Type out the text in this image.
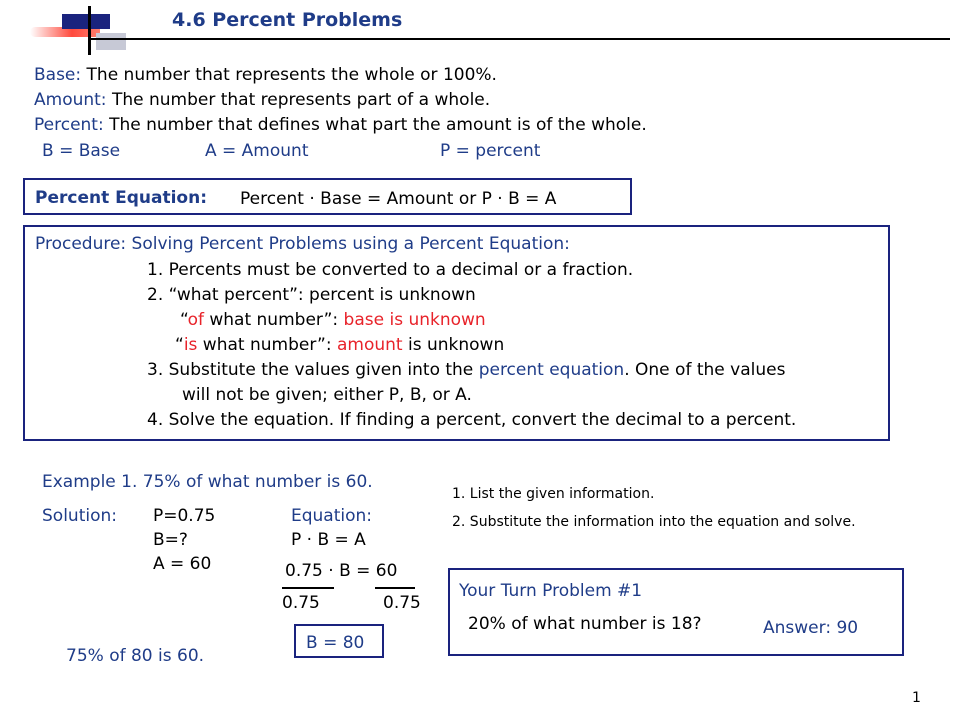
4.6 Percent Problems
Base: The number that represents the whole or 100%.
Amount: The number that represents part of a whole.
Percent: The number that defines what part the amount is of the whole.
B = Base	A = Amount	P = percent
Percent Equation: Percent · Base = Amount or P · B = A
Procedure: Solving Percent Problems using a Percent Equation:
1. Percents must be converted to a decimal or a fraction.
2. “what percent”: percent is unknown
“of what number”: base is unknown
“is what number”: amount is unknown
3. Substitute the values given into the percent equation. One of the values
will not be given; either P, B, or A.
4. Solve the equation. If finding a percent, convert the decimal to a percent.
Example 1. 75% of what number is 60.
Solution: P=0.75
B=?
A = 60
Equation:
P · B = A
0.75 · B = 60
0.75	0.75
B = 80
75% of 80 is 60.
1. List the given information.
2. Substitute the information into the equation and solve.
Your Turn Problem #1
20% of what number is 18?	Answer: 90
1
